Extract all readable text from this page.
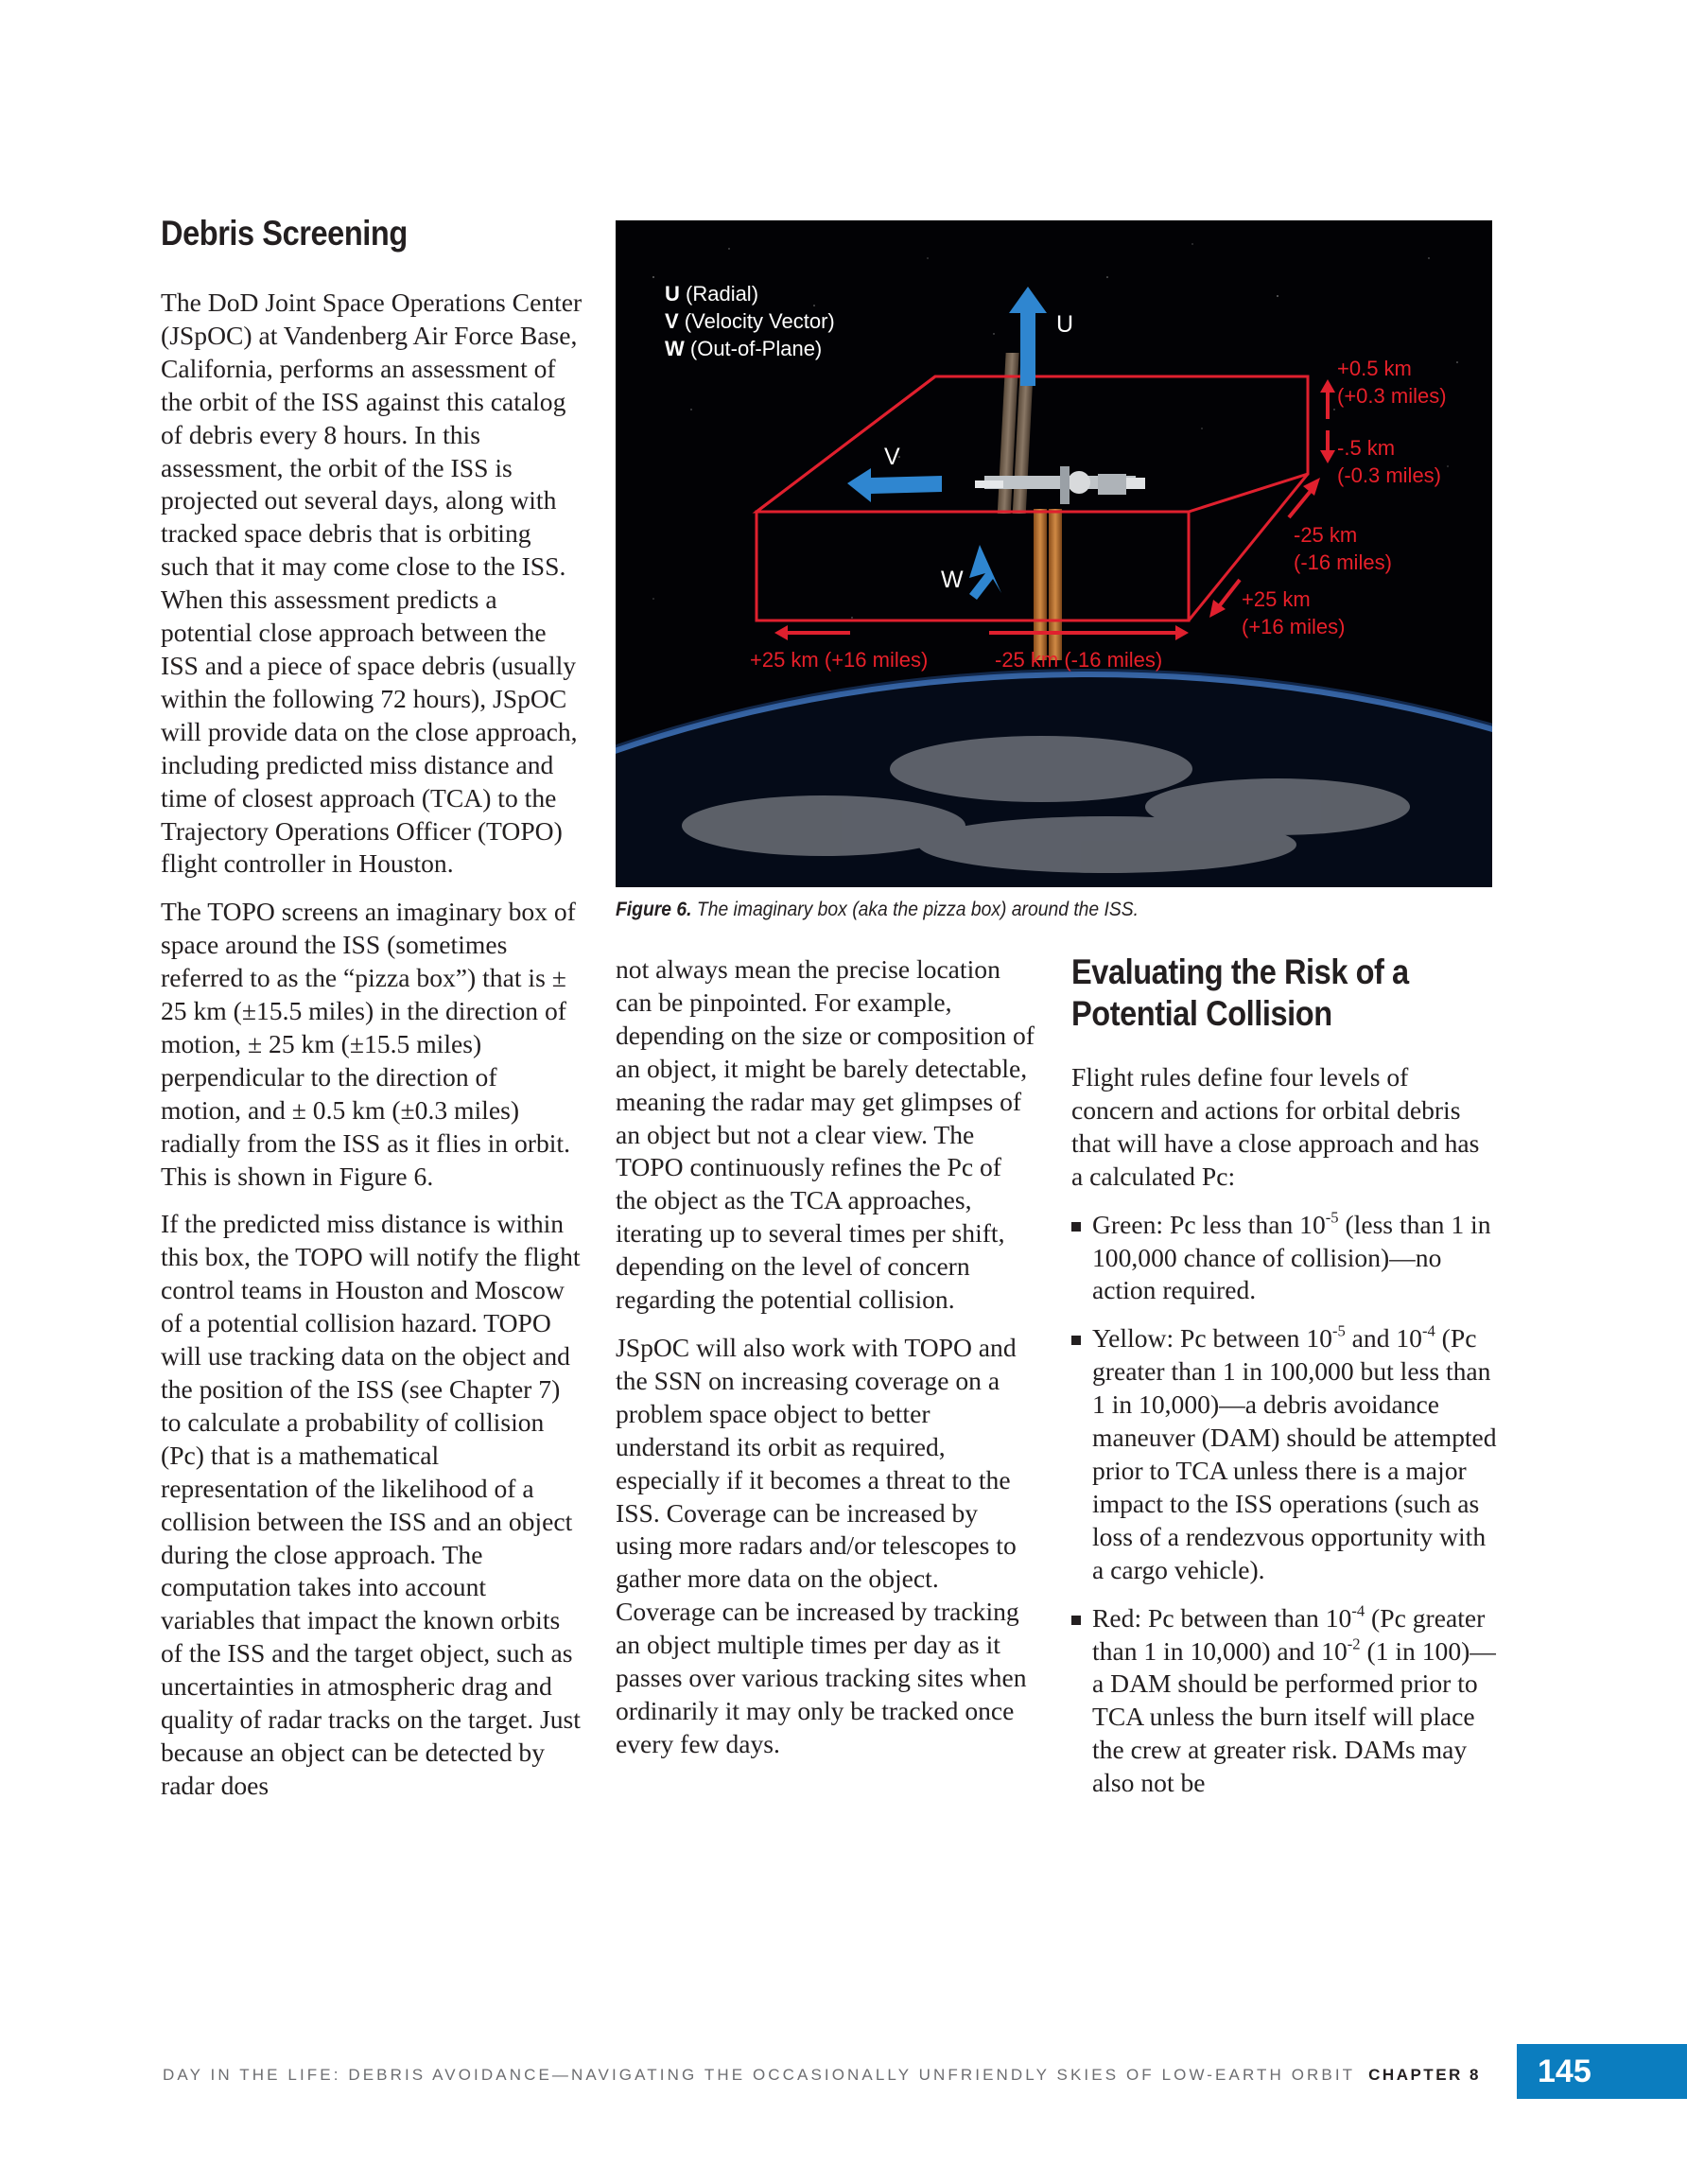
Debris Screening

The DoD Joint Space Operations Center (JSpOC) at Vandenberg Air Force Base, California, performs an assessment of the orbit of the ISS against this catalog of debris every 8 hours. In this assessment, the orbit of the ISS is projected out several days, along with tracked space debris that is orbiting such that it may come close to the ISS. When this assessment predicts a potential close approach between the ISS and a piece of space debris (usually within the following 72 hours), JSpOC will provide data on the close approach, including predicted miss distance and time of closest approach (TCA) to the Trajectory Operations Officer (TOPO) flight controller in Houston.

The TOPO screens an imaginary box of space around the ISS (sometimes referred to as the “pizza box”) that is ± 25 km (±15.5 miles) in the direction of motion, ± 25 km (±15.5 miles) perpendicular to the direction of motion, and ± 0.5 km (±0.3 miles) radially from the ISS as it flies in orbit. This is shown in Figure 6.

If the predicted miss distance is within this box, the TOPO will notify the flight control teams in Houston and Moscow of a potential collision hazard. TOPO will use tracking data on the object and the position of the ISS (see Chapter 7) to calculate a probability of collision (Pc) that is a mathematical representation of the likelihood of a collision between the ISS and an object during the close approach. The computation takes into account variables that impact the known orbits of the ISS and the target object, such as uncertainties in atmospheric drag and quality of radar tracks on the target. Just because an object can be detected by radar does

U (Radial)
V (Velocity Vector)
W (Out-of-Plane)
U
V
W
+0.5 km
(+0.3 miles)
-.5 km
(-0.3 miles)
-25 km
(-16 miles)
+25 km
(+16 miles)
+25 km (+16 miles)	-25 km (-16 miles)
Figure 6. The imaginary box (aka the pizza box) around the ISS.

not always mean the precise location can be pinpointed. For example, depending on the size or composition of an object, it might be barely detectable, meaning the radar may get glimpses of an object but not a clear view. The TOPO continuously refines the Pc of the object as the TCA approaches, iterating up to several times per shift, depending on the level of concern regarding the potential collision.

JSpOC will also work with TOPO and the SSN on increasing coverage on a problem space object to better understand its orbit as required, especially if it becomes a threat to the ISS. Coverage can be increased by using more radars and/or telescopes to gather more data on the object. Coverage can be increased by tracking an object multiple times per day as it passes over various tracking sites when ordinarily it may only be tracked once every few days.

Evaluating the Risk of a
Potential Collision

Flight rules define four levels of concern and actions for orbital debris that will have a close approach and has a calculated Pc:

Green: Pc less than $10^{-5}$ (less than 1 in 100,000 chance of collision)—no action required.
Yellow: Pc between $10^{-5}$ and $10^{-4}$ (Pc greater than 1 in 100,000 but less than 1 in 10,000)—a debris avoidance maneuver (DAM) should be attempted prior to TCA unless there is a major impact to the ISS operations (such as loss of a rendezvous opportunity with a cargo vehicle).
Red: Pc between than $10^{-4}$ (Pc greater than 1 in 10,000) and $10^{-2}$ (1 in 100)—a DAM should be performed prior to TCA unless the burn itself will place the crew at greater risk. DAMs may also not be
DAY IN THE LIFE: DEBRIS AVOIDANCE—NAVIGATING THE OCCASIONALLY UNFRIENDLY SKIES OF LOW-EARTH ORBIT CHAPTER 8	145
